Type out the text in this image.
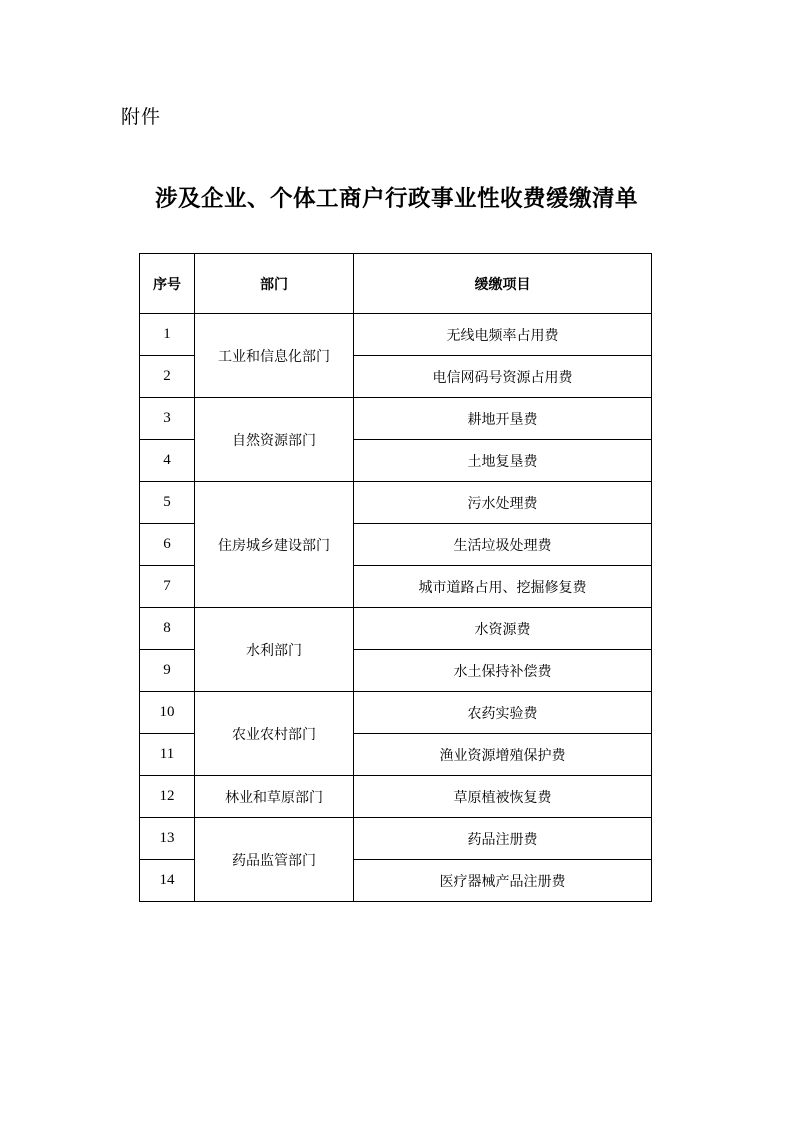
附件
涉及企业、个体工商户行政事业性收费缓缴清单
序号	部门	缓缴项目
1	工业和信息化部门	无线电频率占用费
2		电信网码号资源占用费
3	自然资源部门	耕地开垦费
4		土地复垦费
5	住房城乡建设部门	污水处理费
6		生活垃圾处理费
7		城市道路占用、挖掘修复费
8	水利部门	水资源费
9		水土保持补偿费
10	农业农村部门	农药实验费
11		渔业资源增殖保护费
12	林业和草原部门	草原植被恢复费
13	药品监管部门	药品注册费
14		医疗器械产品注册费
